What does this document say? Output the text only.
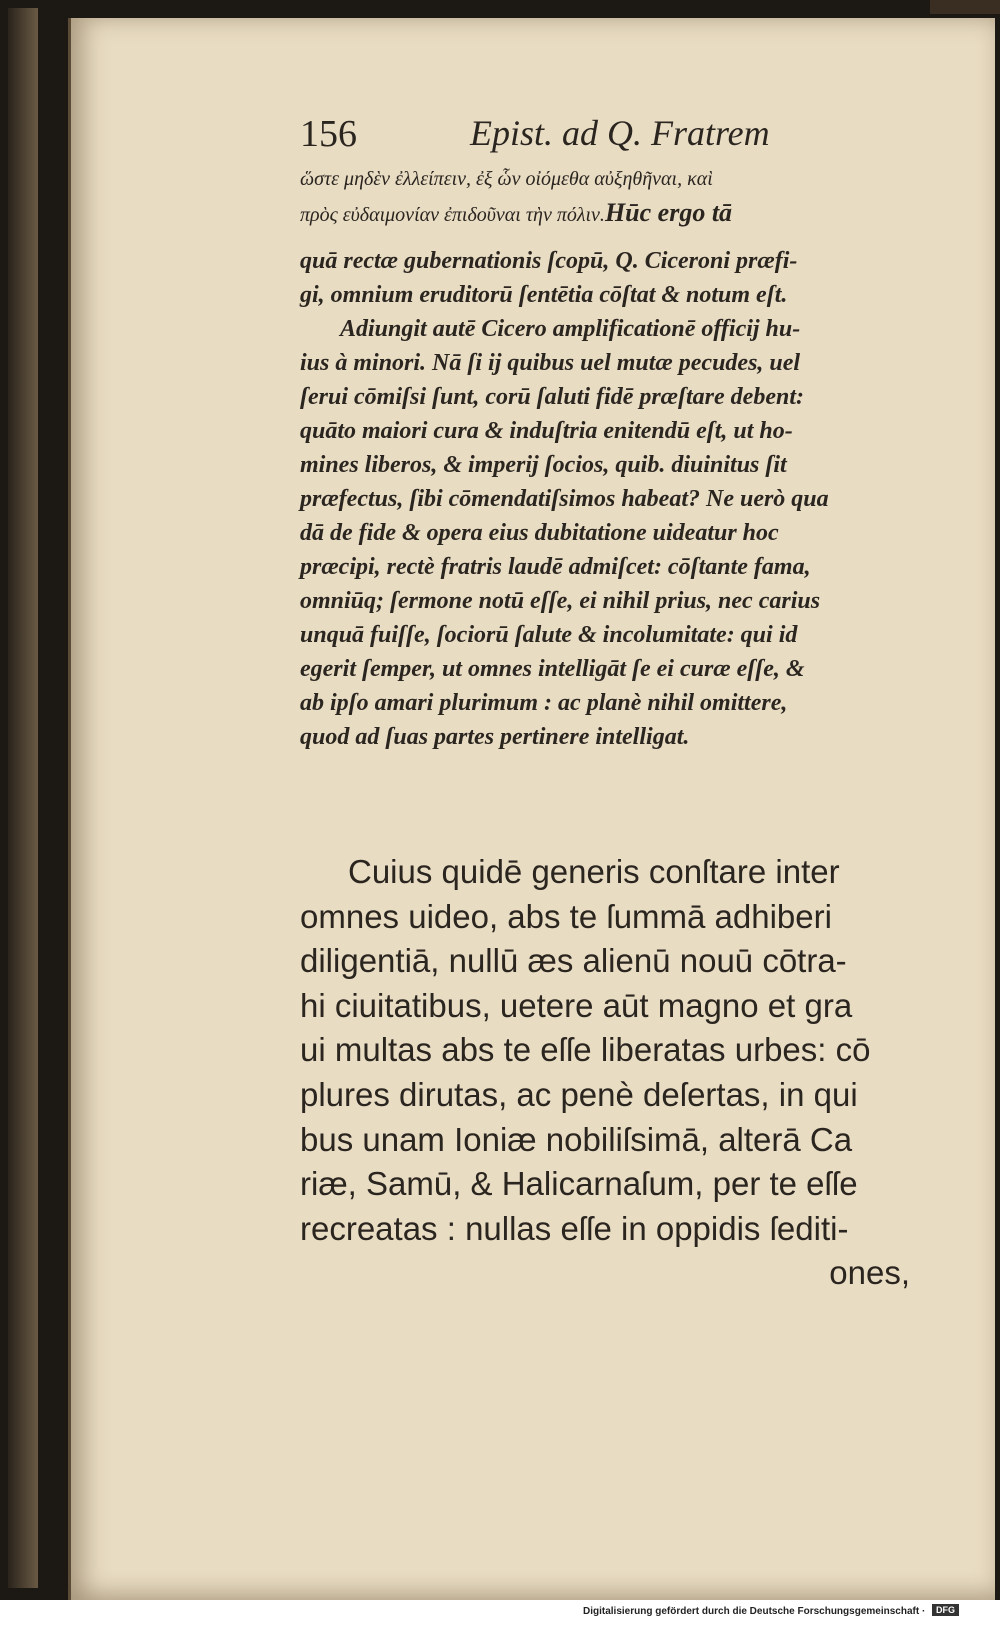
156	Epist. ad Q. Fratrem
ὥστε μηδὲν ἐλλείπειν, ἐξ ὧν οἰόμεθα αὐξηθῆναι, καὶ
πρὸς εὐδαιμονίαν ἐπιδοῦναι τὴν πόλιν.Hūc ergo tā
quā rectæ gubernationis ſcopū, Q. Ciceroni præfi-
gi, omnium eruditorū ſentētia cōſtat & notum eſt.
Adiungit autē Cicero amplificationē officij hu-
ius à minori. Nā ſi ij quibus uel mutæ pecudes, uel
ſerui cōmiſsi ſunt, corū ſaluti fidē præſtare debent:
quāto maiori cura & induſtria enitendū eſt, ut ho-
mines liberos, & imperij ſocios, quib. diuinitus ſit
præfectus, ſibi cōmendatiſsimos habeat? Ne uerò qua
dā de fide & opera eius dubitatione uideatur hoc
præcipi, rectè fratris laudē admiſcet: cōſtante fama,
omniūq; ſermone notū eſſe, ei nihil prius, nec carius
unquā fuiſſe, ſociorū ſalute & incolumitate: qui id
egerit ſemper, ut omnes intelligāt ſe ei curæ eſſe, &
ab ipſo amari plurimum : ac planè nihil omittere,
quod ad ſuas partes pertinere intelligat.
Cuius quidē generis conſtare inter
omnes uideo, abs te ſummā adhiberi
diligentiā, nullū æs alienū nouū cōtra-
hi ciuitatibus, uetere aūt magno et gra
ui multas abs te eſſe liberatas urbes: cō
plures dirutas, ac penè deſertas, in qui
bus unam Ioniæ nobiliſsimā, alterā Ca
riæ, Samū, & Halicarnaſum, per te eſſe
recreatas : nullas eſſe in oppidis ſediti-
ones,
Digitalisierung gefördert durch die Deutsche Forschungsgemeinschaft ·	DFG
